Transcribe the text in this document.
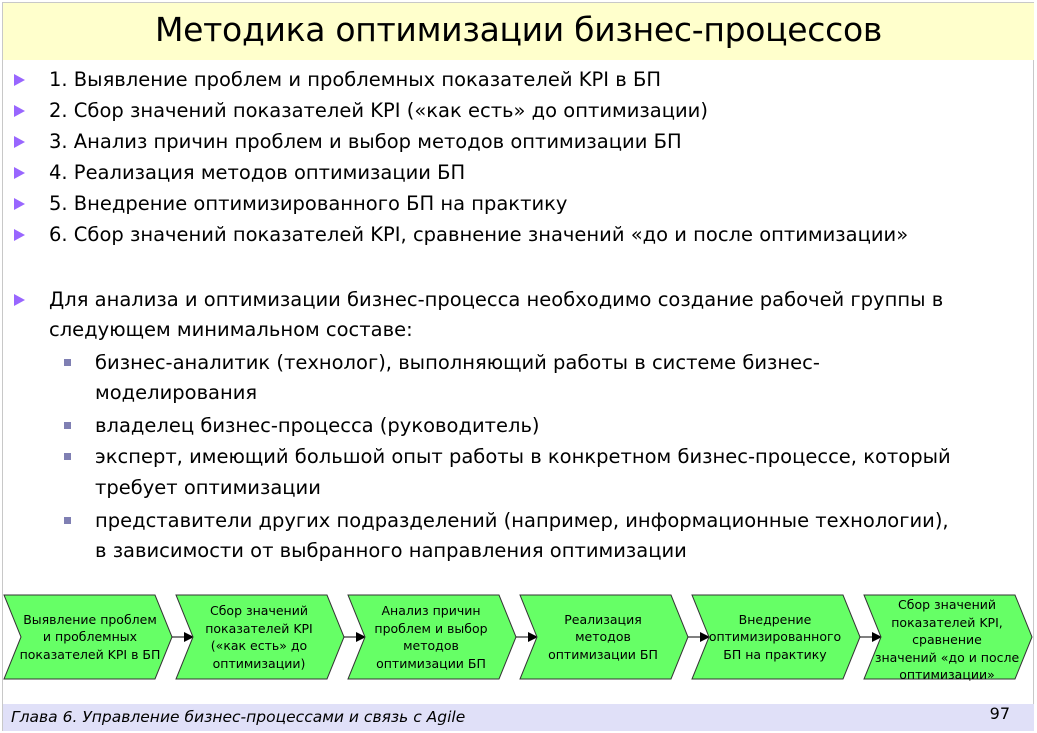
Методика оптимизации бизнес-процессов
1. Выявление проблем и проблемных показателей KPI в БП
2. Сбор значений показателей KPI («как есть» до оптимизации)
3. Анализ причин проблем и выбор методов оптимизации БП
4. Реализация методов оптимизации БП
5. Внедрение оптимизированного БП на практику
6. Сбор значений показателей KPI, сравнение значений «до и после оптимизации»
Для анализа и оптимизации бизнес-процесса необходимо создание рабочей группы в
следующем минимальном составе:
бизнес-аналитик (технолог), выполняющий работы в системе бизнес-
моделирования
владелец бизнес-процесса (руководитель)
эксперт, имеющий большой опыт работы в конкретном бизнес-процессе, который
требует оптимизации
представители других подразделений (например, информационные технологии),
в зависимости от выбранного направления оптимизации
Выявление проблем
и проблемных
показателей KPI в БП
Сбор значений
показателей KPI
(«как есть» до
оптимизации)
Анализ причин
проблем и выбор
методов
оптимизации БП
Реализация
методов
оптимизации БП
Внедрение
оптимизированного
БП на практику
Сбор значений
показателей KPI,
сравнение
значений «до и после
оптимизации»
Глава 6. Управление бизнес-процессами и связь с Agile	97
